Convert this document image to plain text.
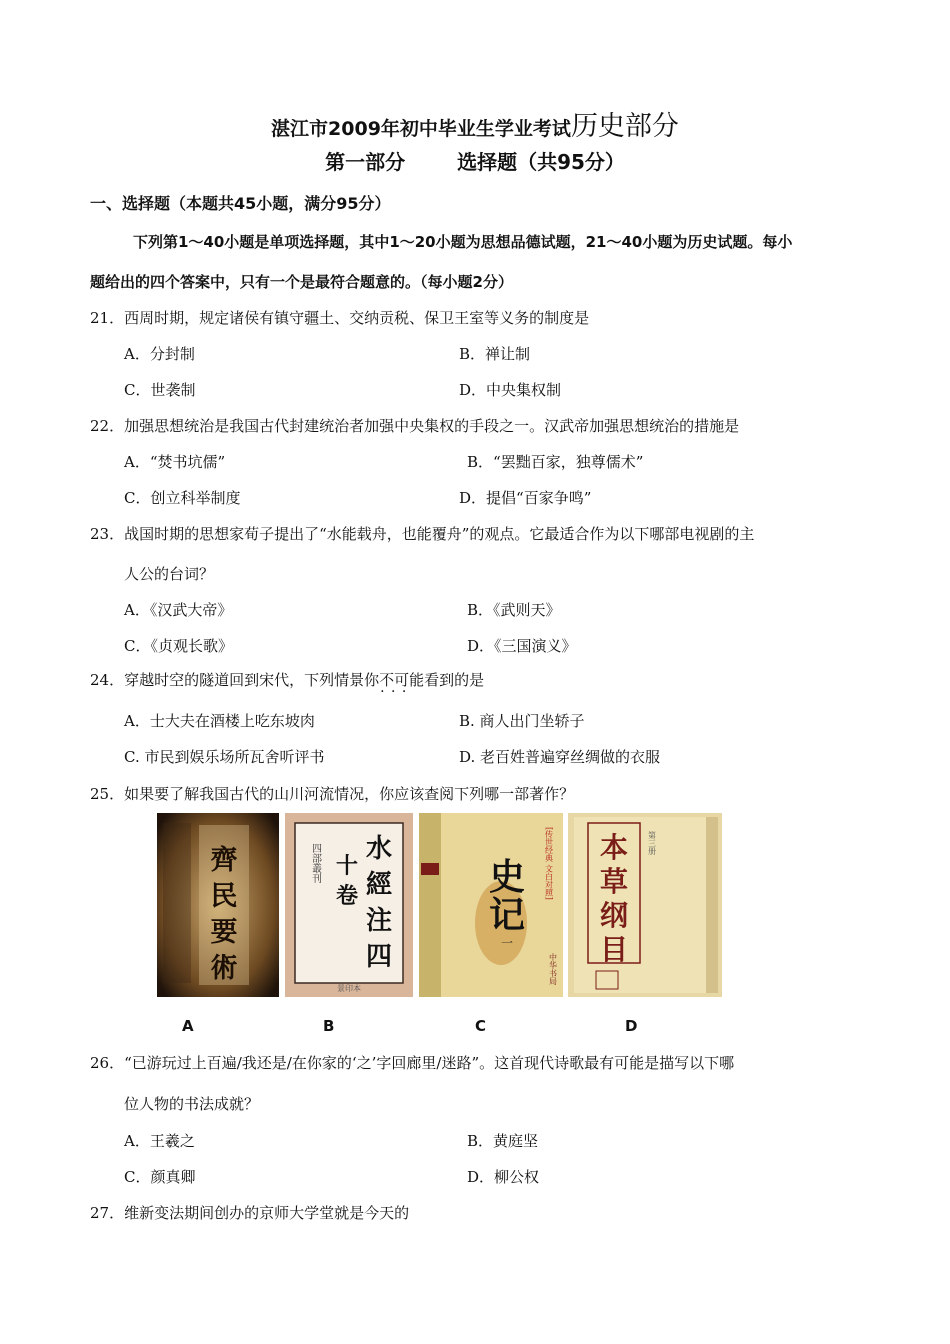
湛江市2009年初中毕业生学业考试历史部分
第一部分	选择题（共95分）
一、选择题（本题共45小题，满分95分）
下列第1～40小题是单项选择题，其中1～20小题为思想品德试题，21～40小题为历史试题。每小
题给出的四个答案中，只有一个是最符合题意的。（每小题2分）
21．西周时期，规定诸侯有镇守疆土、交纳贡税、保卫王室等义务的制度是
A．分封制	B．禅让制
C．世袭制	D．中央集权制
22．加强思想统治是我国古代封建统治者加强中央集权的手段之一。汉武帝加强思想统治的措施是
A．“焚书坑儒”	B．“罢黜百家，独尊儒术”
C．创立科举制度	D．提倡“百家争鸣”
23．战国时期的思想家荀子提出了“水能载舟，也能覆舟”的观点。它最适合作为以下哪部电视剧的主
人公的台词？
A．《汉武大帝》	B．《武则天》
C．《贞观长歌》	D．《三国演义》
24．穿越时空的隧道回到宋代，下列情景你不可能 · · ·看到的是
A．士大夫在酒楼上吃东坡肉	B. 商人出门坐轿子
C. 市民到娱乐场所瓦舍听评书	D. 老百姓普遍穿丝绸做的衣服
25．如果要了解我国古代的山川河流情况，你应该查阅下列哪一部著作？
齊
民
要
術
水
經
注
四
十
卷
四部叢刊
景印本
史
记
一
[传世经典 文白对照]
中华书局
本
草
纲
目
第三册
A	B	C	D
26．“已游玩过上百遍/我还是/在你家的‘之’字回廊里/迷路”。这首现代诗歌最有可能是描写以下哪
位人物的书法成就？
A．王羲之	B．黄庭坚
C．颜真卿	D．柳公权
27．维新变法期间创办的京师大学堂就是今天的
